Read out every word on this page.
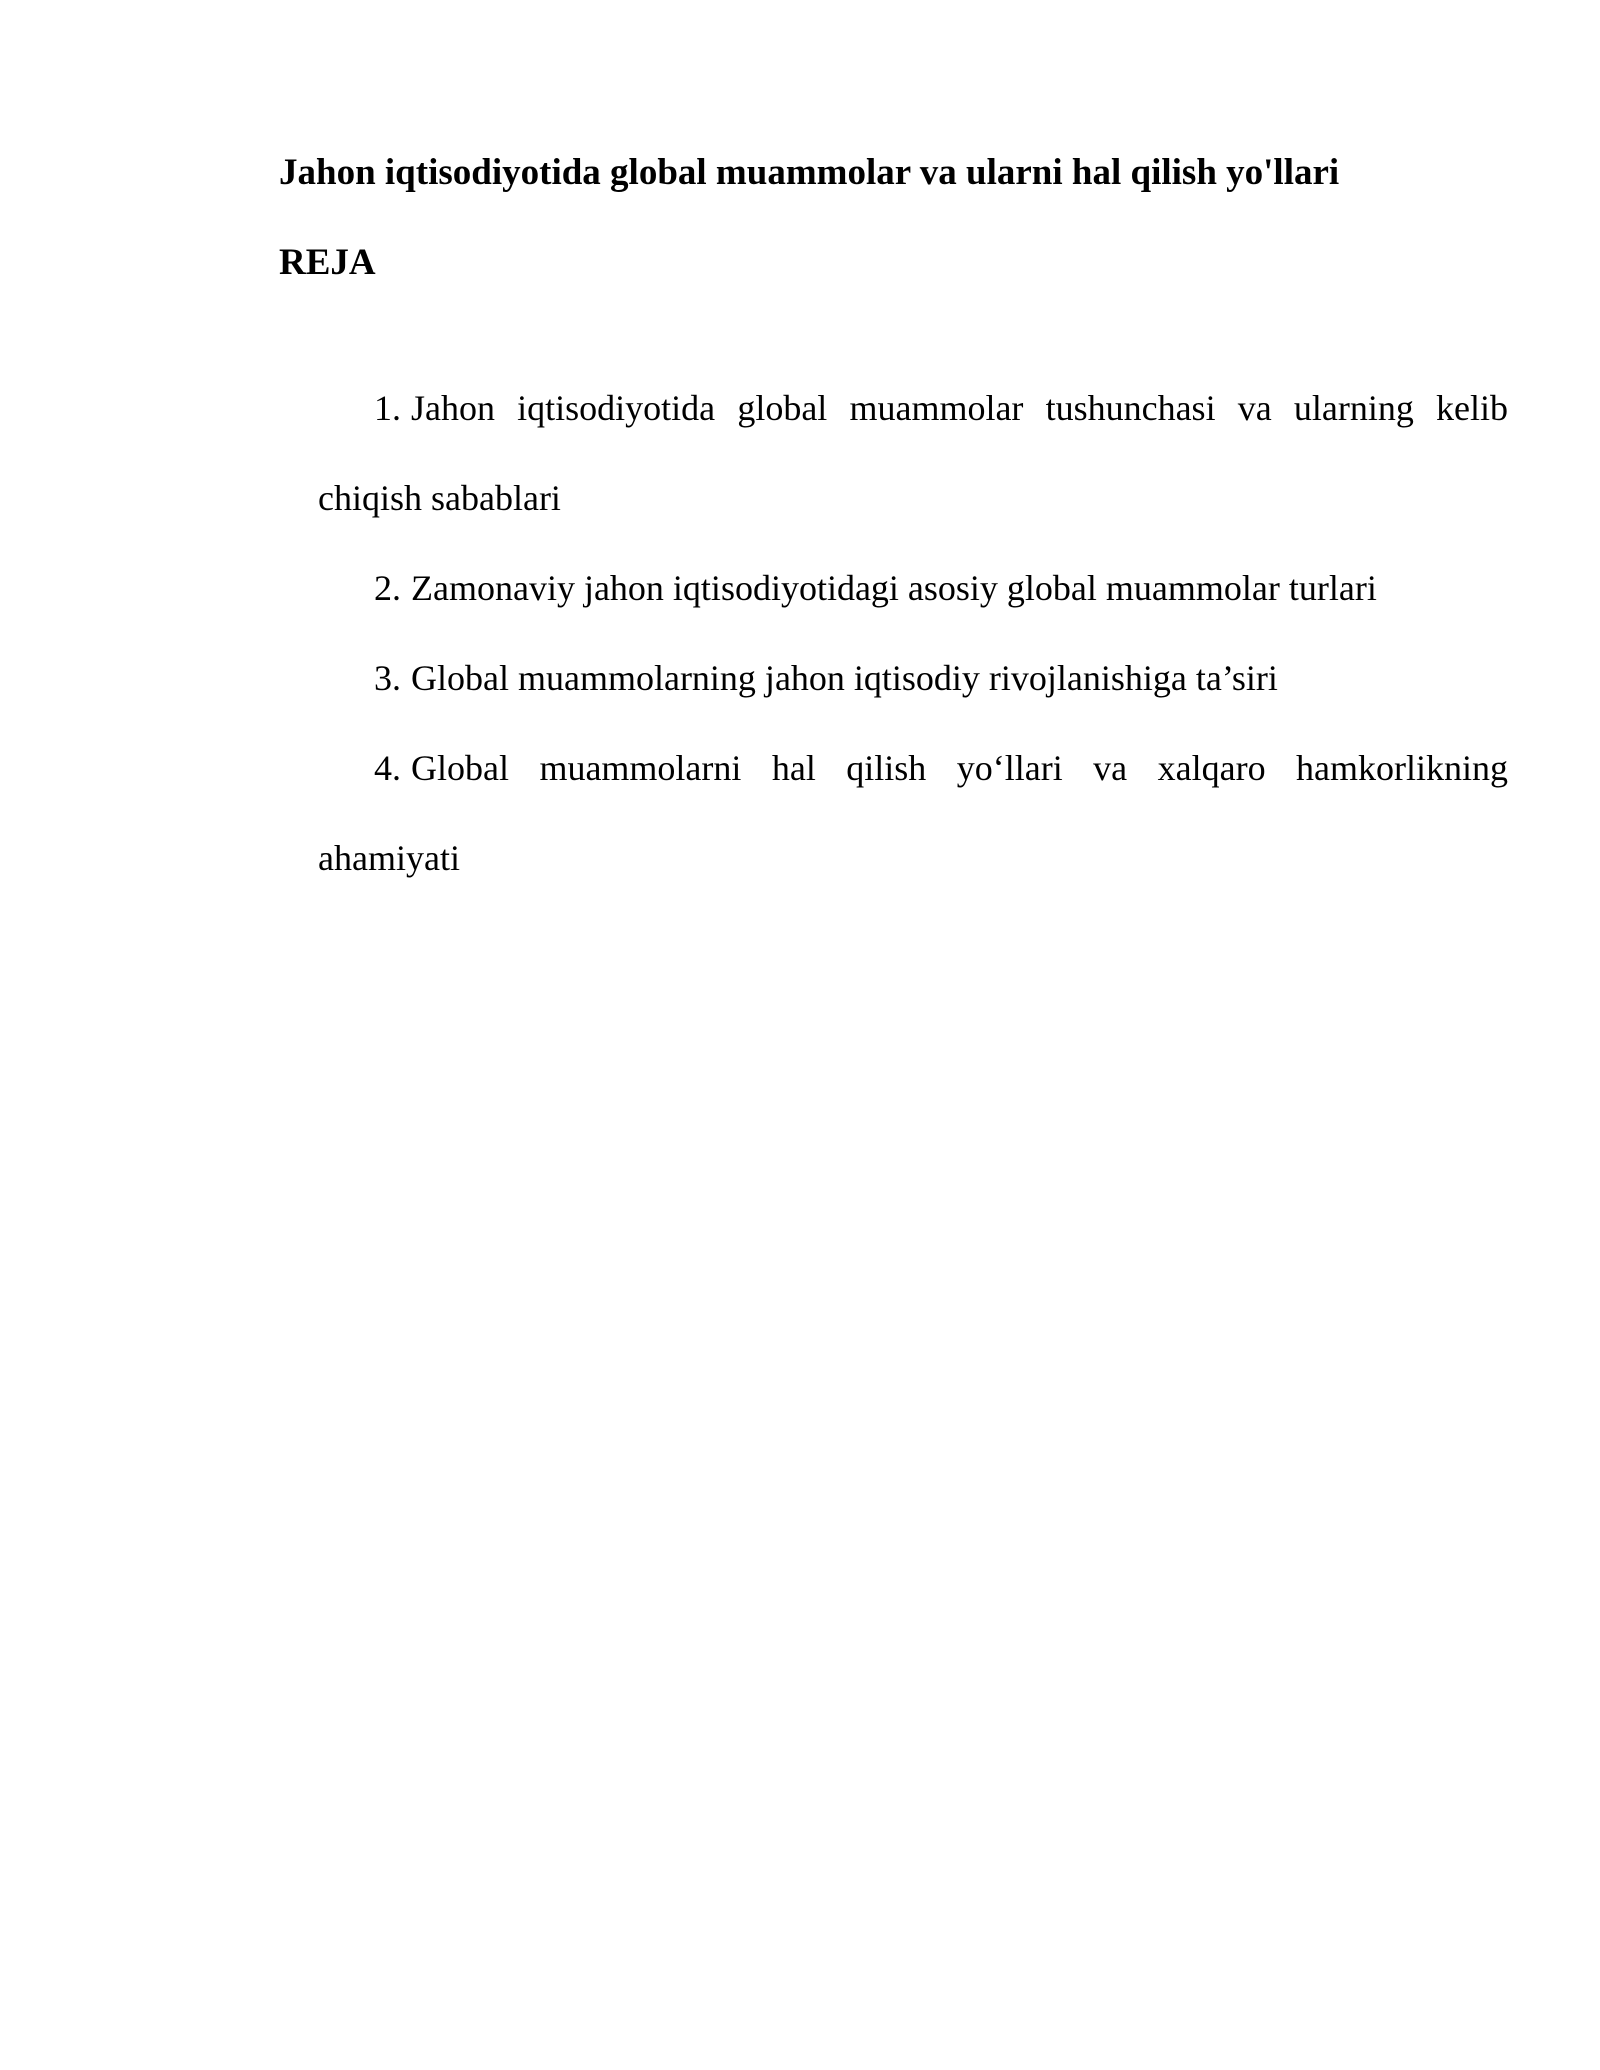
Jahon iqtisodiyotida global muammolar va ularni hal qilish yo'llari
REJA
1. Jahon iqtisodiyotida global muammolar tushunchasi va ularning kelib chiqish sabablari
2. Zamonaviy jahon iqtisodiyotidagi asosiy global muammolar turlari
3. Global muammolarning jahon iqtisodiy rivojlanishiga ta’siri
4. Global muammolarni hal qilish yo‘llari va xalqaro hamkorlikning ahamiyati
